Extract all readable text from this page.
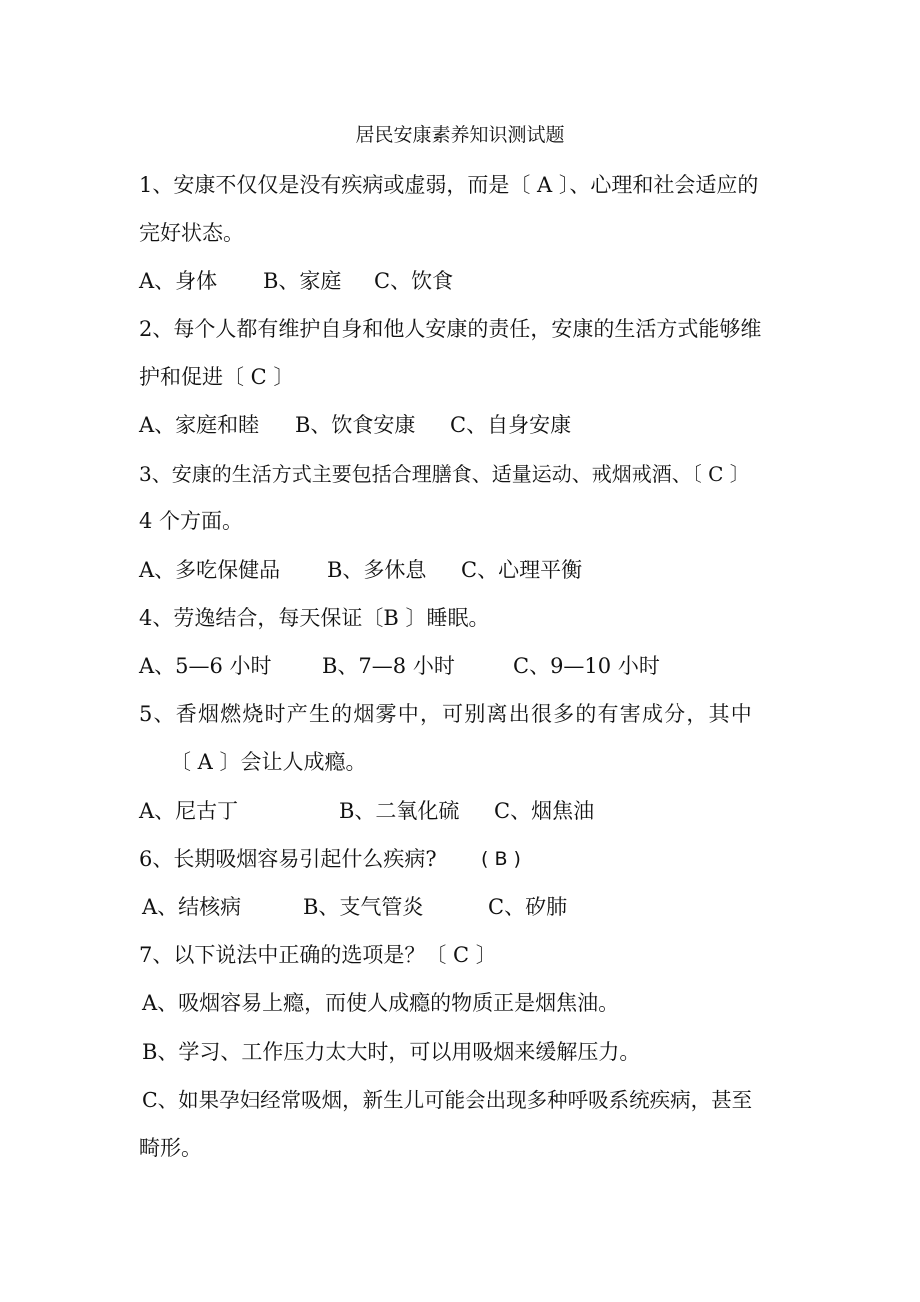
居民安康素养知识测试题
1、安康不仅仅是没有疾病或虚弱，而是〔 A 〕、心理和社会适应的
完好状态。
A、身体 B、家庭 C、饮食
2、每个人都有维护自身和他人安康的责任，安康的生活方式能够维
护和促进〔 C 〕
A、家庭和睦 B、饮食安康 C、自身安康
3、安康的生活方式主要包括合理膳食、适量运动、戒烟戒酒、〔 C 〕
4 个方面。
A、多吃保健品 B、多休息 C、心理平衡
4、劳逸结合，每天保证〔B 〕睡眠。
A、5—6 小时 B、7—8 小时	C、9—10 小时
5、香烟燃烧时产生的烟雾中，可别离出很多的有害成分，其中
〔 A 〕会让人成瘾。
A、尼古丁	B、二氧化硫 C、烟焦油
6、长期吸烟容易引起什么疾病? ( B )
A、结核病	B、支气管炎	C、矽肺
7、以下说法中正确的选项是？〔 C 〕
A、吸烟容易上瘾，而使人成瘾的物质正是烟焦油。
B、学习、工作压力太大时，可以用吸烟来缓解压力。
C、如果孕妇经常吸烟，新生儿可能会出现多种呼吸系统疾病，甚至
畸形。
